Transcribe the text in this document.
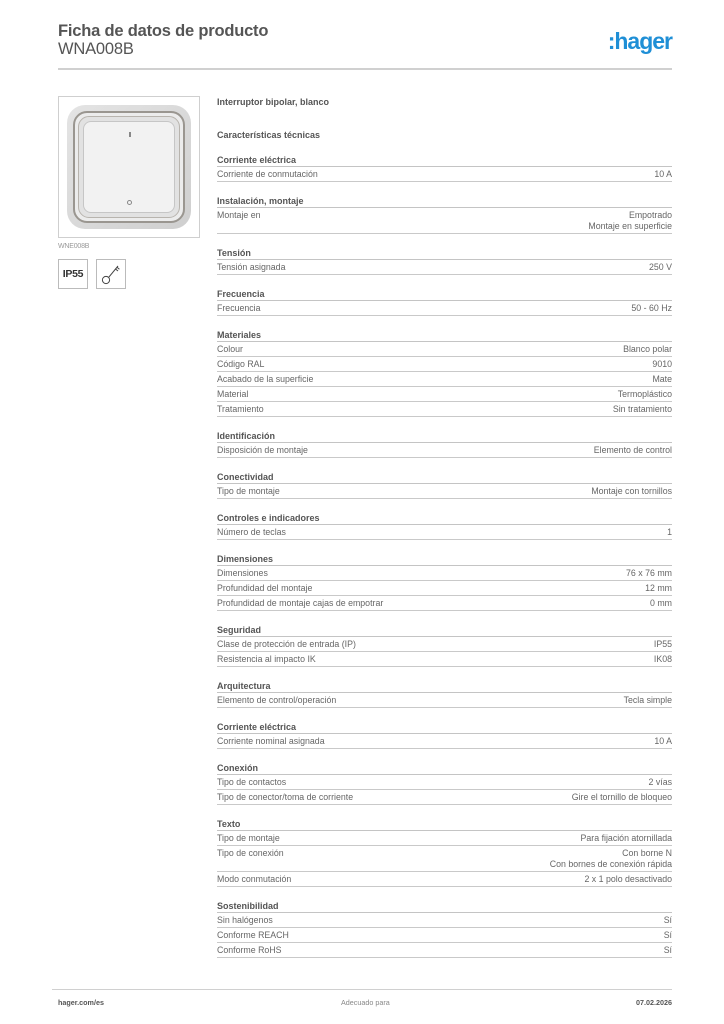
Ficha de datos de producto
WNA008B	:hager
WNE008B
IP55
Interruptor bipolar, blanco
Características técnicas
Corriente eléctrica
Corriente de conmutación	10 A
Instalación, montaje
Montaje en	Empotrado
Montaje en superficie
Tensión
Tensión asignada	250 V
Frecuencia
Frecuencia	50 - 60 Hz
Materiales
Colour	Blanco polar
Código RAL	9010
Acabado de la superficie	Mate
Material	Termoplástico
Tratamiento	Sin tratamiento
Identificación
Disposición de montaje	Elemento de control
Conectividad
Tipo de montaje	Montaje con tornillos
Controles e indicadores
Número de teclas	1
Dimensiones
Dimensiones	76 x 76 mm
Profundidad del montaje	12 mm
Profundidad de montaje cajas de empotrar	0 mm
Seguridad
Clase de protección de entrada (IP)	IP55
Resistencia al impacto IK	IK08
Arquitectura
Elemento de control/operación	Tecla simple
Corriente eléctrica
Corriente nominal asignada	10 A
Conexión
Tipo de contactos	2 vías
Tipo de conector/toma de corriente	Gire el tornillo de bloqueo
Texto
Tipo de montaje	Para fijación atornillada
Tipo de conexión	Con borne N
Con bornes de conexión rápida
Modo conmutación	2 x 1 polo desactivado
Sostenibilidad
Sin halógenos	Sí
Conforme REACH	Sí
Conforme RoHS	Sí
hager.com/es	Adecuado para	07.02.2026
